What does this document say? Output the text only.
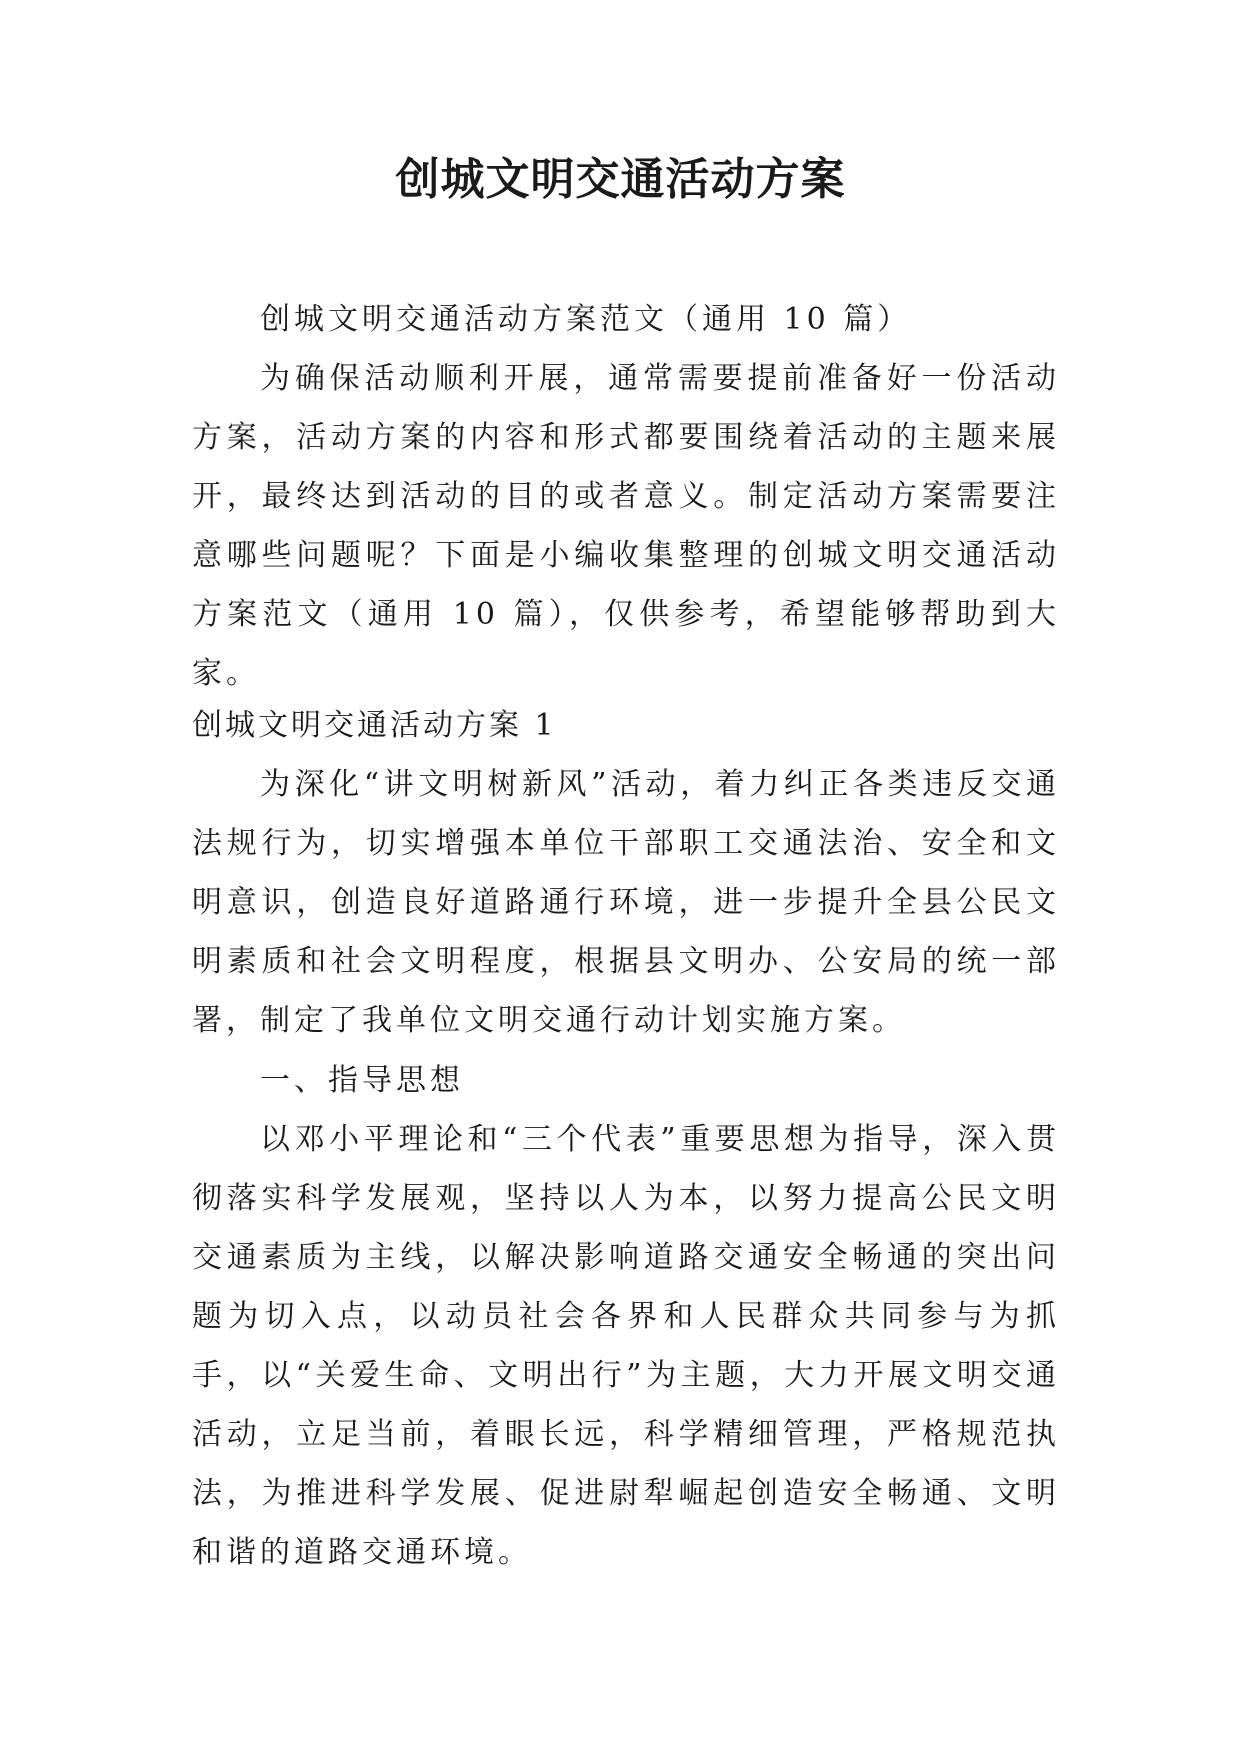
创城文明交通活动方案

创城文明交通活动方案范文（通用 10 篇）

为确保活动顺利开展，通常需要提前准备好一份活动方案，活动方案的内容和形式都要围绕着活动的主题来展开，最终达到活动的目的或者意义。制定活动方案需要注意哪些问题呢？下面是小编收集整理的创城文明交通活动方案范文（通用 10 篇），仅供参考，希望能够帮助到大家。

创城文明交通活动方案 1

为深化“讲文明树新风”活动，着力纠正各类违反交通法规行为，切实增强本单位干部职工交通法治、安全和文明意识，创造良好道路通行环境，进一步提升全县公民文明素质和社会文明程度，根据县文明办、公安局的统一部署，制定了我单位文明交通行动计划实施方案。

一、指导思想

以邓小平理论和“三个代表”重要思想为指导，深入贯彻落实科学发展观，坚持以人为本，以努力提高公民文明交通素质为主线，以解决影响道路交通安全畅通的突出问题为切入点，以动员社会各界和人民群众共同参与为抓手，以“关爱生命、文明出行”为主题，大力开展文明交通活动，立足当前，着眼长远，科学精细管理，严格规范执法，为推进科学发展、促进尉犁崛起创造安全畅通、文明和谐的道路交通环境。
